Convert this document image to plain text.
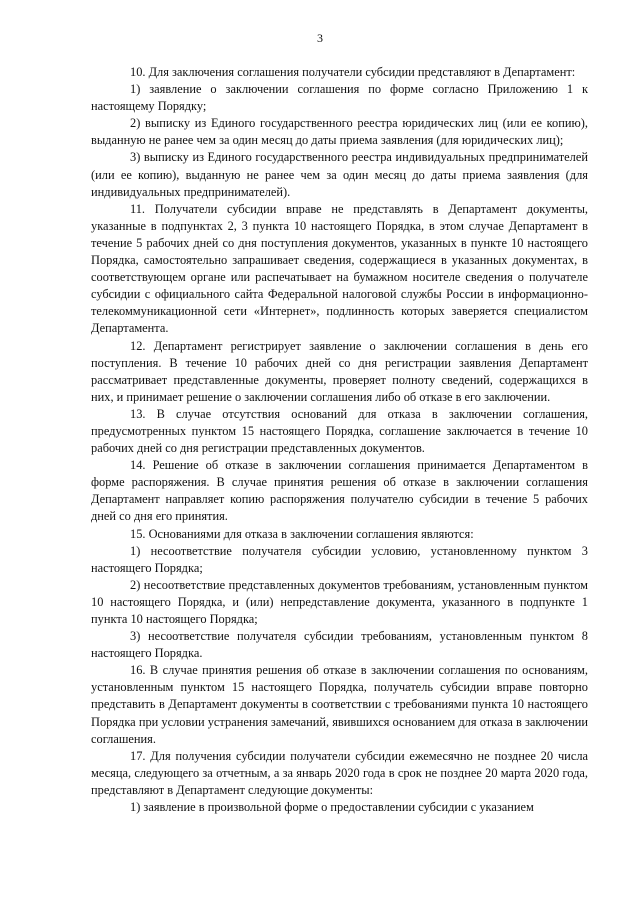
3

10. Для заключения соглашения получатели субсидии представляют в Департамент:

1) заявление о заключении соглашения по форме согласно Приложению 1 к настоящему Порядку;

2) выписку из Единого государственного реестра юридических лиц (или ее копию), выданную не ранее чем за один месяц до даты приема заявления (для юридических лиц);

3) выписку из Единого государственного реестра индивидуальных предпринимателей (или ее копию), выданную не ранее чем за один месяц до даты приема заявления (для индивидуальных предпринимателей).

11. Получатели субсидии вправе не представлять в Департамент документы, указанные в подпунктах 2, 3 пункта 10 настоящего Порядка, в этом случае Департамент в течение 5 рабочих дней со дня поступления документов, указанных в пункте 10 настоящего Порядка, самостоятельно запрашивает сведения, содержащиеся в указанных документах, в соответствующем органе или распечатывает на бумажном носителе сведения о получателе субсидии с официального сайта Федеральной налоговой службы России в информационно-телекоммуникационной сети «Интернет», подлинность которых заверяется специалистом Департамента.

12. Департамент регистрирует заявление о заключении соглашения в день его поступления. В течение 10 рабочих дней со дня регистрации заявления Департамент рассматривает представленные документы, проверяет полноту сведений, содержащихся в них, и принимает решение о заключении соглашения либо об отказе в его заключении.

13. В случае отсутствия оснований для отказа в заключении соглашения, предусмотренных пунктом 15 настоящего Порядка, соглашение заключается в течение 10 рабочих дней со дня регистрации представленных документов.

14. Решение об отказе в заключении соглашения принимается Департаментом в форме распоряжения. В случае принятия решения об отказе в заключении соглашения Департамент направляет копию распоряжения получателю субсидии в течение 5 рабочих дней со дня его принятия.

15. Основаниями для отказа в заключении соглашения являются:

1) несоответствие получателя субсидии условию, установленному пунктом 3 настоящего Порядка;

2) несоответствие представленных документов требованиям, установленным пунктом 10 настоящего Порядка, и (или) непредставление документа, указанного в подпункте 1 пункта 10 настоящего Порядка;

3) несоответствие получателя субсидии требованиям, установленным пунктом 8 настоящего Порядка.

16. В случае принятия решения об отказе в заключении соглашения по основаниям, установленным пунктом 15 настоящего Порядка, получатель субсидии вправе повторно представить в Департамент документы в соответствии с требованиями пункта 10 настоящего Порядка при условии устранения замечаний, явившихся основанием для отказа в заключении соглашения.

17. Для получения субсидии получатели субсидии ежемесячно не позднее 20 числа месяца, следующего за отчетным, а за январь 2020 года в срок не позднее 20 марта 2020 года, представляют в Департамент следующие документы:

1) заявление в произвольной форме о предоставлении субсидии с указанием
